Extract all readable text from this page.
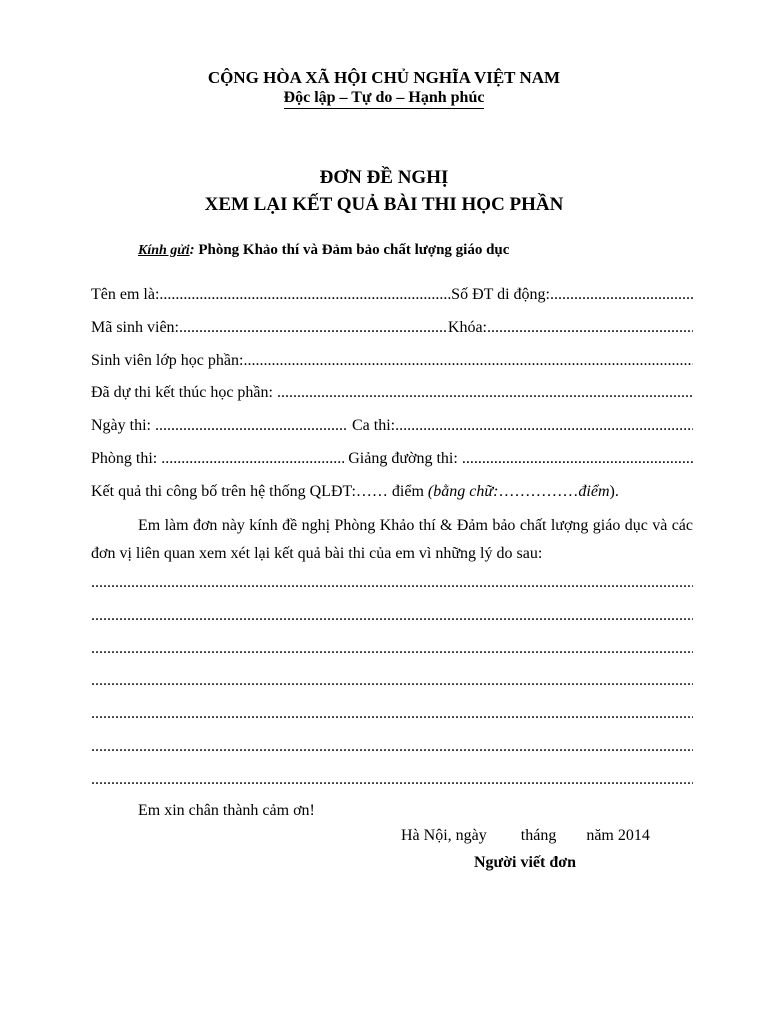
CỘNG HÒA XÃ HỘI CHỦ NGHĨA VIỆT NAM
Độc lập – Tự do – Hạnh phúc
ĐƠN ĐỀ NGHỊ
XEM LẠI KẾT QUẢ BÀI THI HỌC PHẦN
Kính gửi: Phòng Khảo thí và Đảm bảo chất lượng giáo dục
Tên em là: .....	Số ĐT di động:
.....
Mã sinh viên: .....	Khóa:
.....
Sinh viên lớp học phần:
.....
Đã dự thi kết thúc học phần:
.....
Ngày thi: .....	Ca thi:
.....
Phòng thi: .....	Giảng đường thi:
.....
Kết quả thi công bố trên hệ thống QLĐT:…… điểm (bằng chữ:……………điểm).
Em làm đơn này kính đề nghị Phòng Khảo thí & Đảm bảo chất lượng giáo dục và các đơn vị liên quan xem xét lại kết quả bài thi của em vì những lý do sau:
.....
.....
.....
.....
.....
.....
.....
Em xin chân thành cảm ơn!
Hà Nội, ngày tháng năm 2014
Người viết đơn
